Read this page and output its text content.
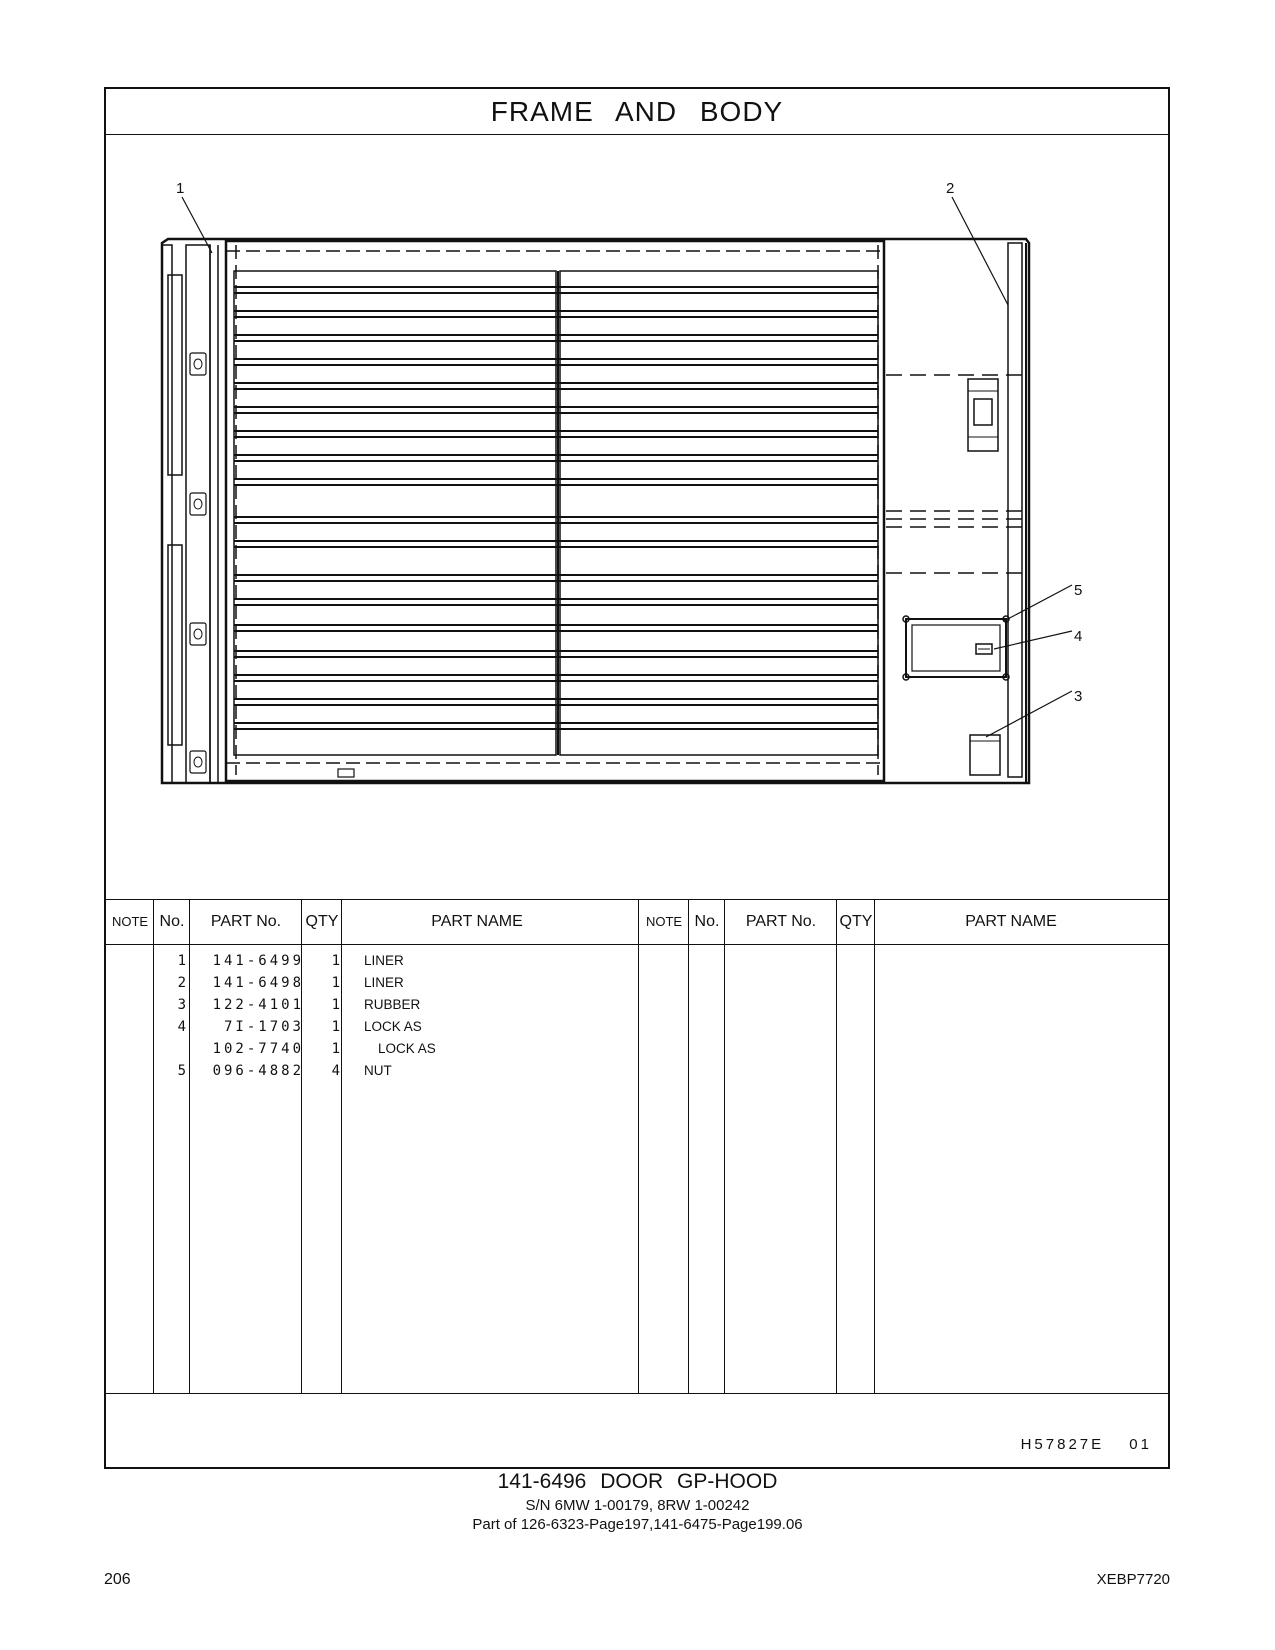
FRAME AND BODY
1	2
5
4
3
NOTE No.	PART No.	QTY	PART NAME
1	141-6499	1 LINER
2	141-6498	1 LINER
3	122-4101	1 RUBBER
4	7I-1703	1 LOCK AS
102-7740	1	LOCK AS
5	096-4882	4 NUT
NOTE No.	PART No.	QTY	PART NAME
H57827E 01
141-6496 DOOR GP-HOOD
S/N 6MW 1-00179, 8RW 1-00242
Part of 126-6323-Page197,141-6475-Page199.06
206	XEBP7720
